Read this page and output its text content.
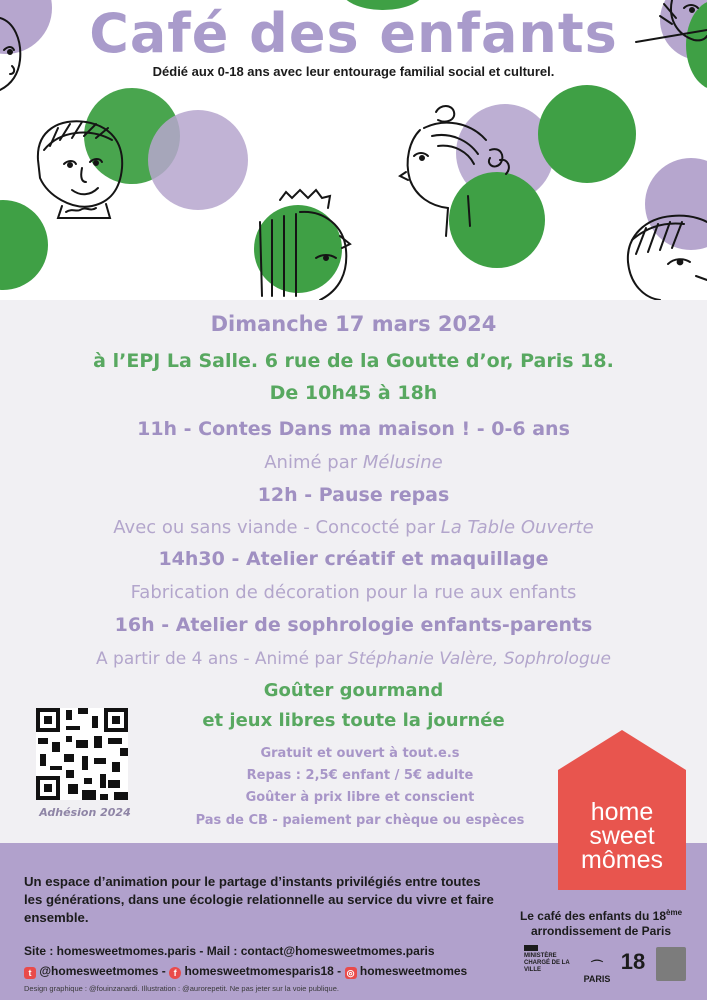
Café des enfants
Dédié aux 0-18 ans avec leur entourage familial social et culturel.
Dimanche 17 mars 2024
à l’EPJ La Salle. 6 rue de la Goutte d’or, Paris 18.
De 10h45 à 18h
11h - Contes Dans ma maison ! - 0-6 ans
Animé par Mélusine
12h - Pause repas
Avec ou sans viande - Concocté par La Table Ouverte
14h30 - Atelier créatif et maquillage
Fabrication de décoration pour la rue aux enfants
16h - Atelier de sophrologie enfants-parents
A partir de 4 ans - Animé par Stéphanie Valère, Sophrologue
Goûter gourmand
et jeux libres toute la journée
Adhésion 2024
Gratuit et ouvert à tout.e.s
Repas : 2,5€ enfant / 5€ adulte
Goûter à prix libre et conscient
Pas de CB - paiement par chèque ou espèces
Un espace d’animation pour le partage d’instants privilégiés entre toutes les générations, dans une écologie relationnelle au service du vivre et faire ensemble.	Le café des enfants du 18ème
arrondissement de Paris
Site : homesweetmomes.paris - Mail : contact@homesweetmomes.paris
t @homesweetmomes - f homesweetmomesparis18 - ◎ homesweetmomes
Design graphique : @fouinzanardi. Illustration : @aurorepetit. Ne pas jeter sur la voie publique.
MINISTÈRE CHARGÉ DE LA VILLE	⌒
PARIS
18
home
sweet
mômes
